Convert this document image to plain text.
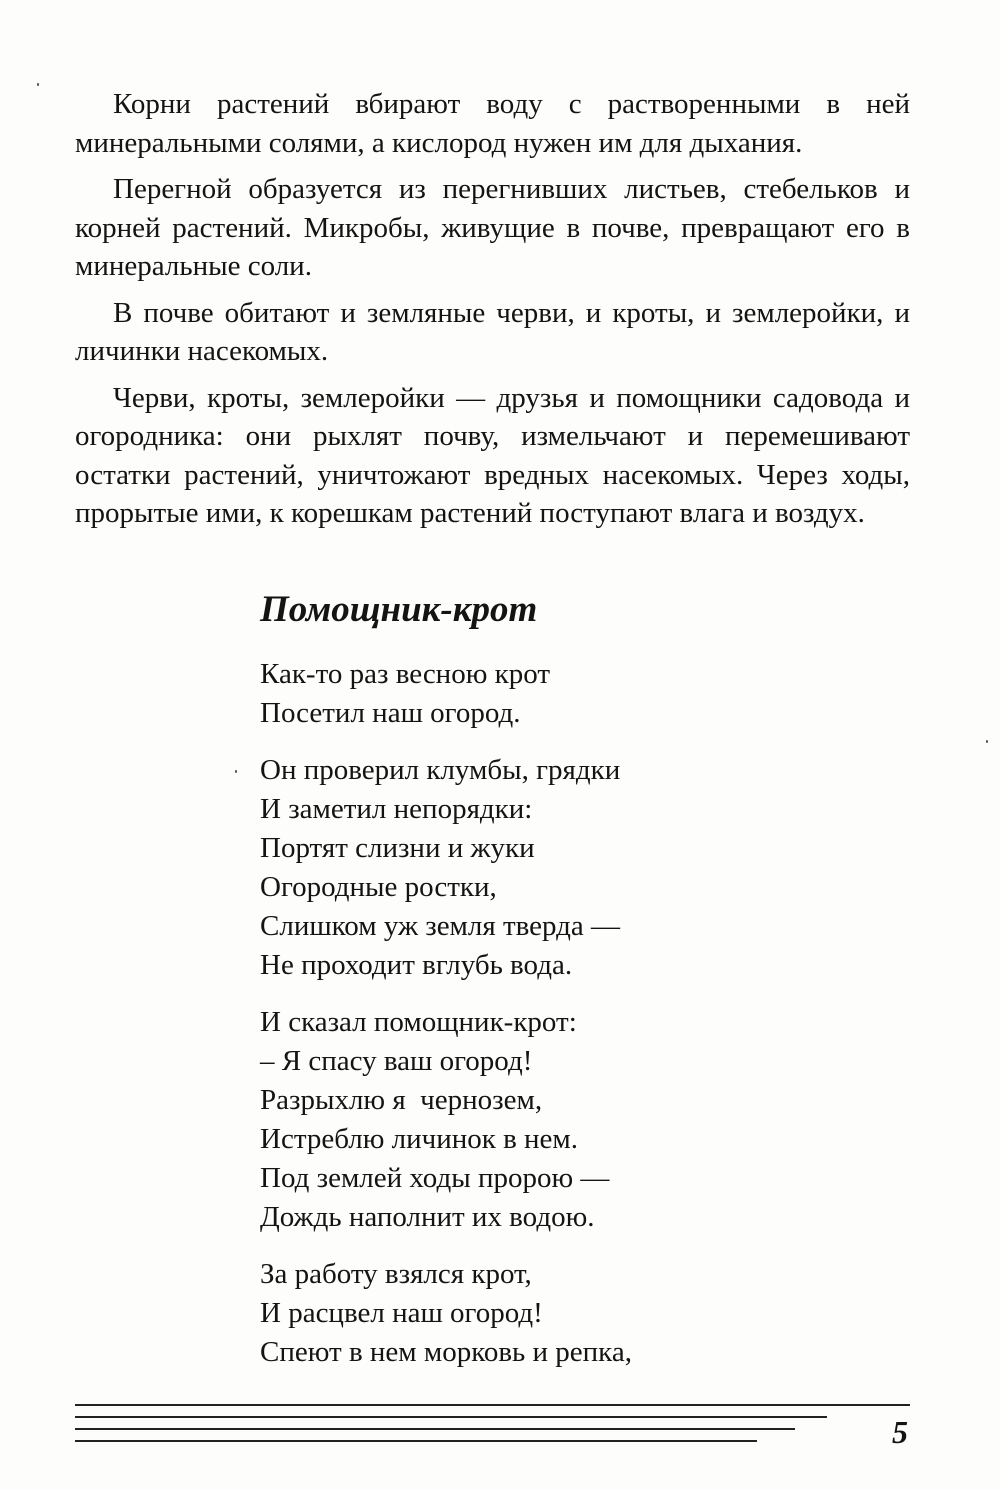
Корни растений вбирают воду с растворенными в ней минеральными солями, а кислород нужен им для дыхания.

Перегной образуется из перегнивших листьев, стебельков и корней растений. Микробы, живущие в почве, превращают его в минеральные соли.

В почве обитают и земляные черви, и кроты, и землеройки, и личинки насекомых.

Черви, кроты, землеройки — друзья и помощники садовода и огородника: они рыхлят почву, измельчают и перемешивают остатки растений, уничтожают вредных насекомых. Через ходы, прорытые ими, к корешкам растений поступают влага и воздух.

Помощник-крот
Как-то раз весною крот
Посетил наш огород.
Он проверил клумбы, грядки
И заметил непорядки:
Портят слизни и жуки
Огородные ростки,
Слишком уж земля тверда —
Не проходит вглубь вода.
И сказал помощник-крот:
– Я спасу ваш огород!
Разрыхлю я  чернозем,
Истреблю личинок в нем.
Под землей ходы пророю —
Дождь наполнит их водою.
За работу взялся крот,
И расцвел наш огород!
Спеют в нем морковь и репка,
5
